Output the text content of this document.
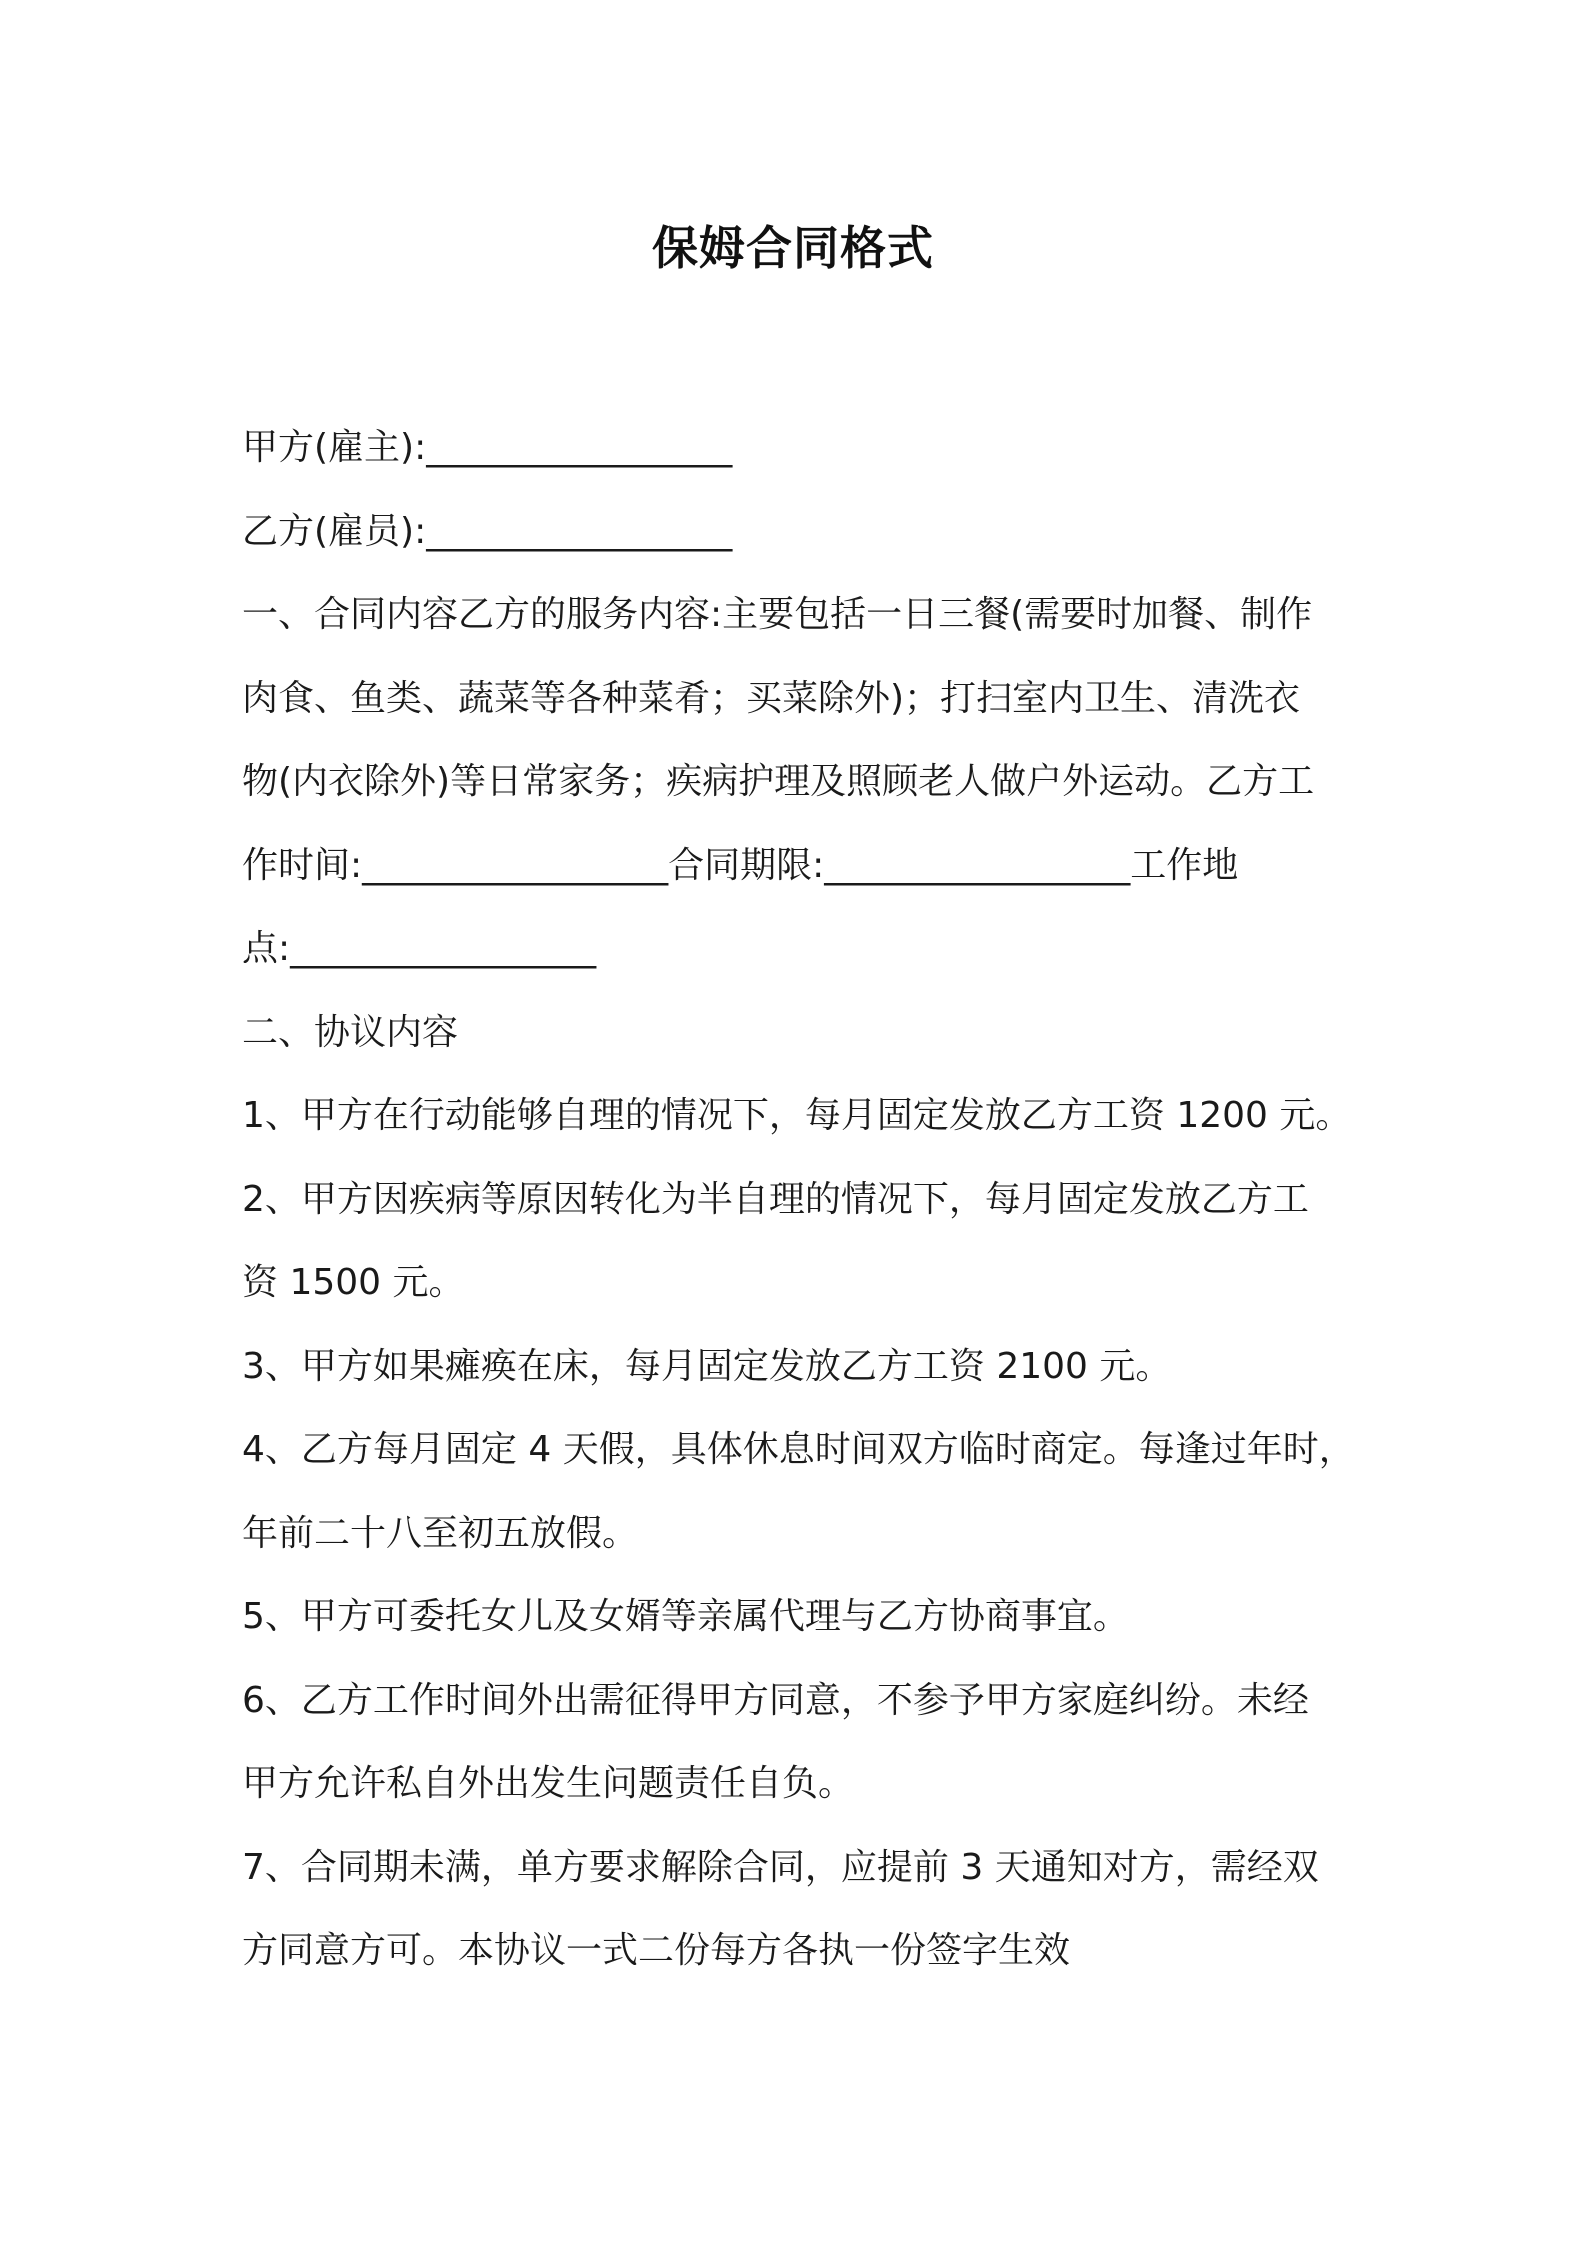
保姆合同格式
甲方(雇主):_________________
乙方(雇员):_________________
一、合同内容乙方的服务内容:主要包括一日三餐(需要时加餐、制作
肉食、鱼类、蔬菜等各种菜肴；买菜除外)；打扫室内卫生、清洗衣
物(内衣除外)等日常家务；疾病护理及照顾老人做户外运动。乙方工
作时间:_________________合同期限:_________________工作地
点:_________________
二、协议内容
1、甲方在行动能够自理的情况下，每月固定发放乙方工资 1200 元。
2、甲方因疾病等原因转化为半自理的情况下，每月固定发放乙方工
资 1500 元。
3、甲方如果瘫痪在床，每月固定发放乙方工资 2100 元。
4、乙方每月固定 4 天假，具体休息时间双方临时商定。每逢过年时，
年前二十八至初五放假。
5、甲方可委托女儿及女婿等亲属代理与乙方协商事宜。
6、乙方工作时间外出需征得甲方同意，不参予甲方家庭纠纷。未经
甲方允许私自外出发生问题责任自负。
7、合同期未满，单方要求解除合同，应提前 3 天通知对方，需经双
方同意方可。本协议一式二份每方各执一份签字生效
